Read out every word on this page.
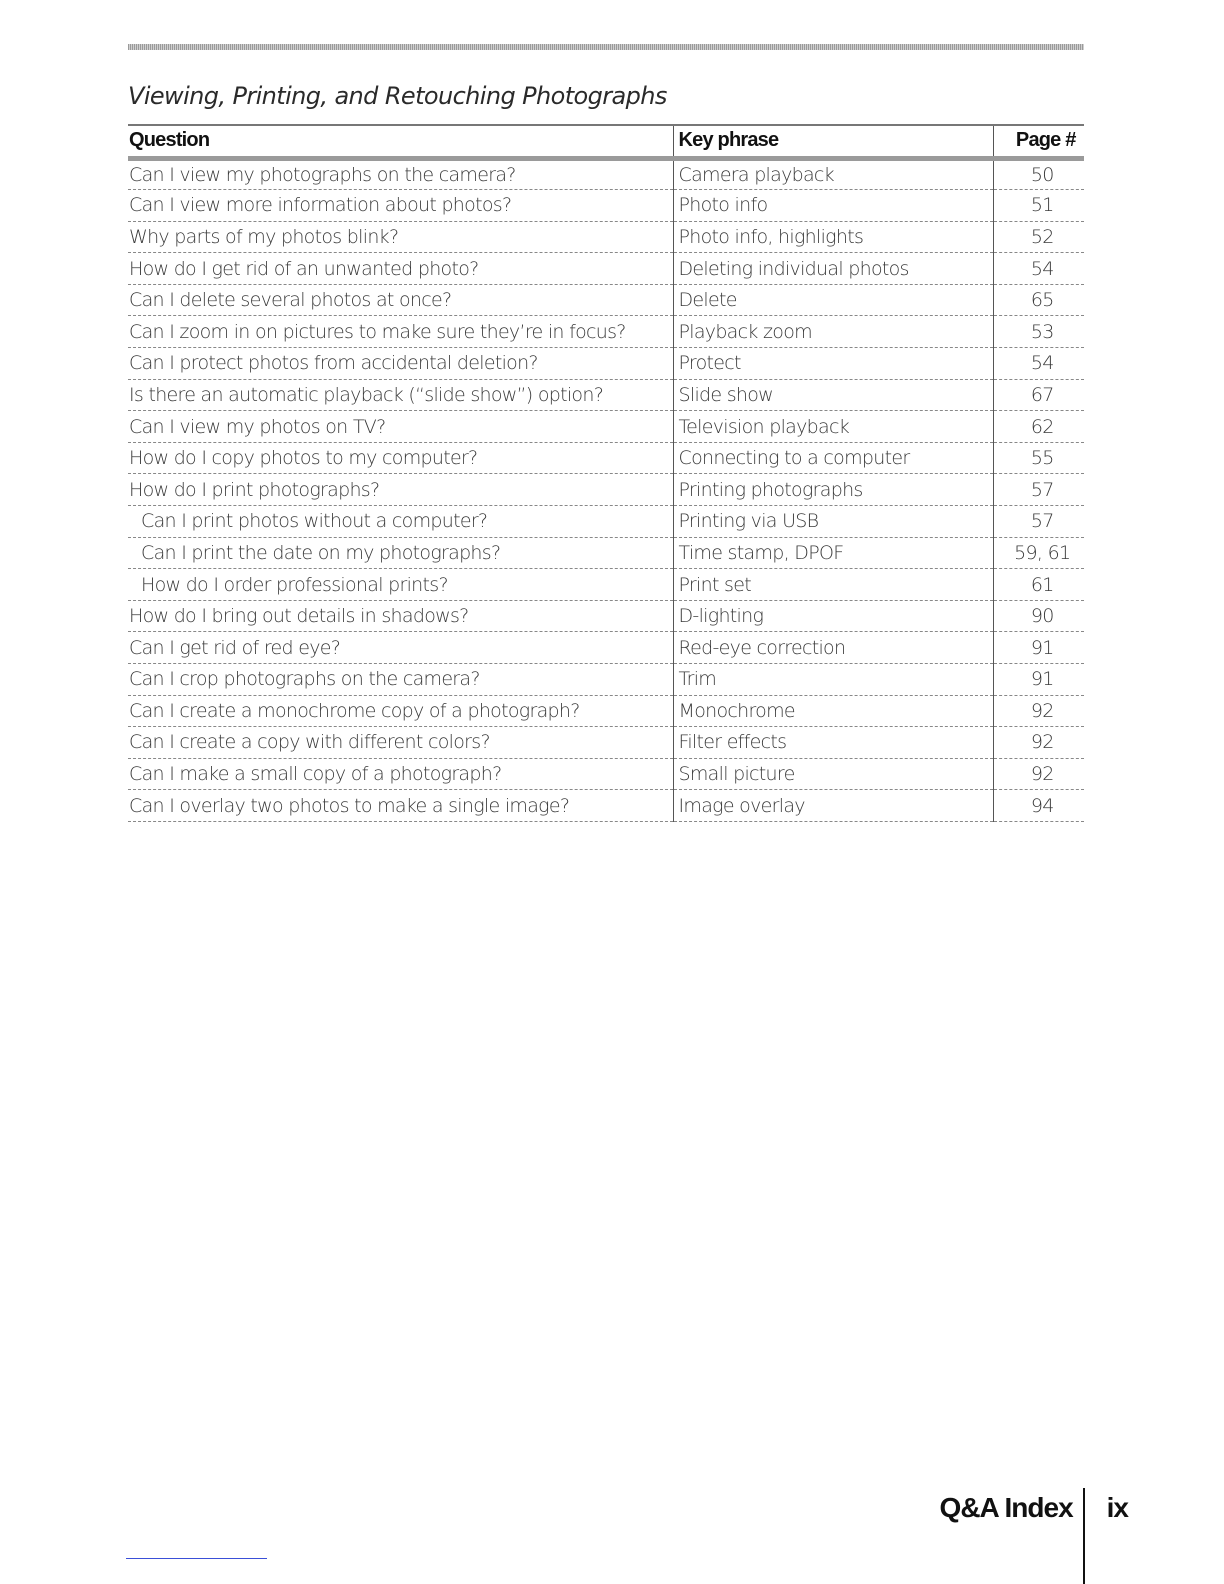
Viewing, Printing, and Retouching Photographs
Question	Key phrase	Page #
Can I view my photographs on the camera?	Camera playback	50
Can I view more information about photos?	Photo info	51
Why parts of my photos blink?	Photo info, highlights	52
How do I get rid of an unwanted photo?	Deleting individual photos	54
Can I delete several photos at once?	Delete	65
Can I zoom in on pictures to make sure they’re in focus?	Playback zoom	53
Can I protect photos from accidental deletion?	Protect	54
Is there an automatic playback (“slide show”) option?	Slide show	67
Can I view my photos on TV?	Television playback	62
How do I copy photos to my computer?	Connecting to a computer	55
How do I print photographs?	Printing photographs	57
Can I print photos without a computer?	Printing via USB	57
Can I print the date on my photographs?	Time stamp, DPOF	59, 61
How do I order professional prints?	Print set	61
How do I bring out details in shadows?	D-lighting	90
Can I get rid of red eye?	Red-eye correction	91
Can I crop photographs on the camera?	Trim	91
Can I create a monochrome copy of a photograph?	Monochrome	92
Can I create a copy with different colors?	Filter effects	92
Can I make a small copy of a photograph?	Small picture	92
Can I overlay two photos to make a single image?	Image overlay	94
Q&A Index	ix
